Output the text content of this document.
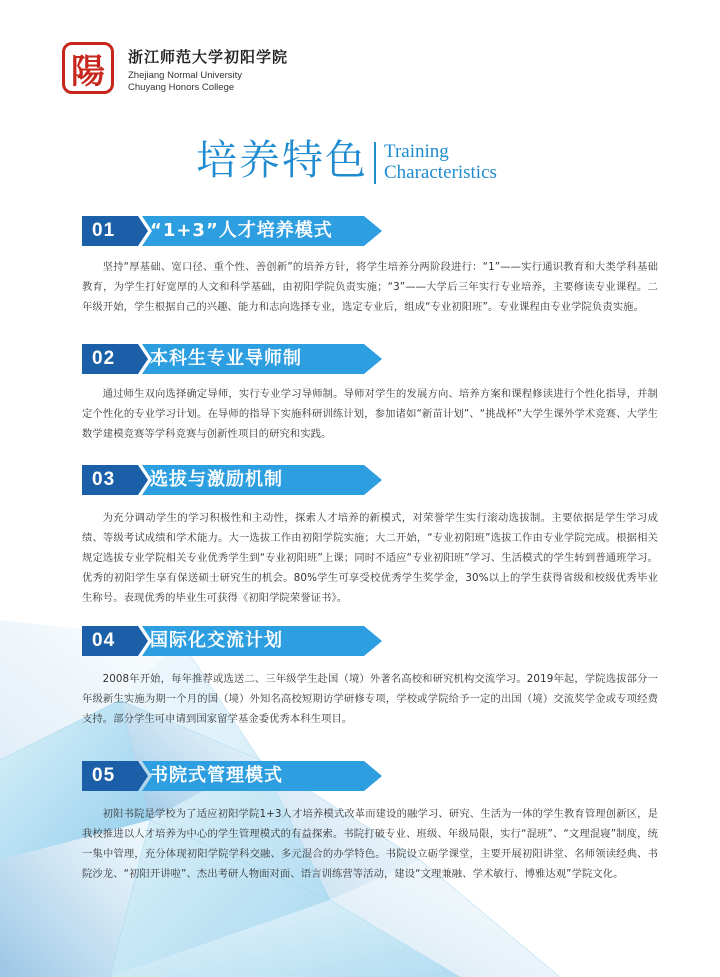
陽	浙江师范大学初阳学院
Zhejiang Normal University
Chuyang Honors College
培养特色 Training
Characteristics
01	“1+3”人才培养模式
坚持“厚基础、宽口径、重个性、善创新”的培养方针，将学生培养分两阶段进行：“1”——实行通识教育和大类学科基础教育，为学生打好宽厚的人文和科学基础，由初阳学院负责实施；“3”——大学后三年实行专业培养，主要修读专业课程。二年级开始，学生根据自己的兴趣、能力和志向选择专业，选定专业后，组成“专业初阳班”。专业课程由专业学院负责实施。
02	本科生专业导师制
通过师生双向选择确定导师，实行专业学习导师制。导师对学生的发展方向、培养方案和课程修读进行个性化指导，并制定个性化的专业学习计划。在导师的指导下实施科研训练计划，参加诸如“新苗计划”、“挑战杯”大学生课外学术竞赛、大学生数学建模竞赛等学科竞赛与创新性项目的研究和实践。
03	选拔与激励机制
为充分调动学生的学习积极性和主动性，探索人才培养的新模式，对荣誉学生实行滚动选拔制。主要依据是学生学习成绩、等级考试成绩和学术能力。大一选拔工作由初阳学院实施；大二开始，“专业初阳班”选拔工作由专业学院完成。根据相关规定选拔专业学院相关专业优秀学生到“专业初阳班”上课；同时不适应“专业初阳班”学习、生活模式的学生转到普通班学习。优秀的初阳学生享有保送硕士研究生的机会。80%学生可享受校优秀学生奖学金，30%以上的学生获得省级和校级优秀毕业生称号。表现优秀的毕业生可获得《初阳学院荣誉证书》。
04	国际化交流计划
2008年开始，每年推荐或选送二、三年级学生赴国（境）外著名高校和研究机构交流学习。2019年起，学院选拔部分一年级新生实施为期一个月的国（境）外知名高校短期访学研修专项，学校或学院给予一定的出国（境）交流奖学金或专项经费支持。部分学生可申请到国家留学基金委优秀本科生项目。
05	书院式管理模式
初阳书院是学校为了适应初阳学院1+3人才培养模式改革而建设的融学习、研究、生活为一体的学生教育管理创新区，是我校推进以人才培养为中心的学生管理模式的有益探索。书院打破专业、班级、年级局限，实行“混班”、“文理混寝”制度，统一集中管理，充分体现初阳学院学科交融、多元混合的办学特色。书院设立砺学课堂，主要开展初阳讲堂、名师领读经典、书院沙龙、“初阳开讲啦”、杰出考研人物面对面、语言训练营等活动，建设“文理兼融、学术敏行、博雅达观”学院文化。
